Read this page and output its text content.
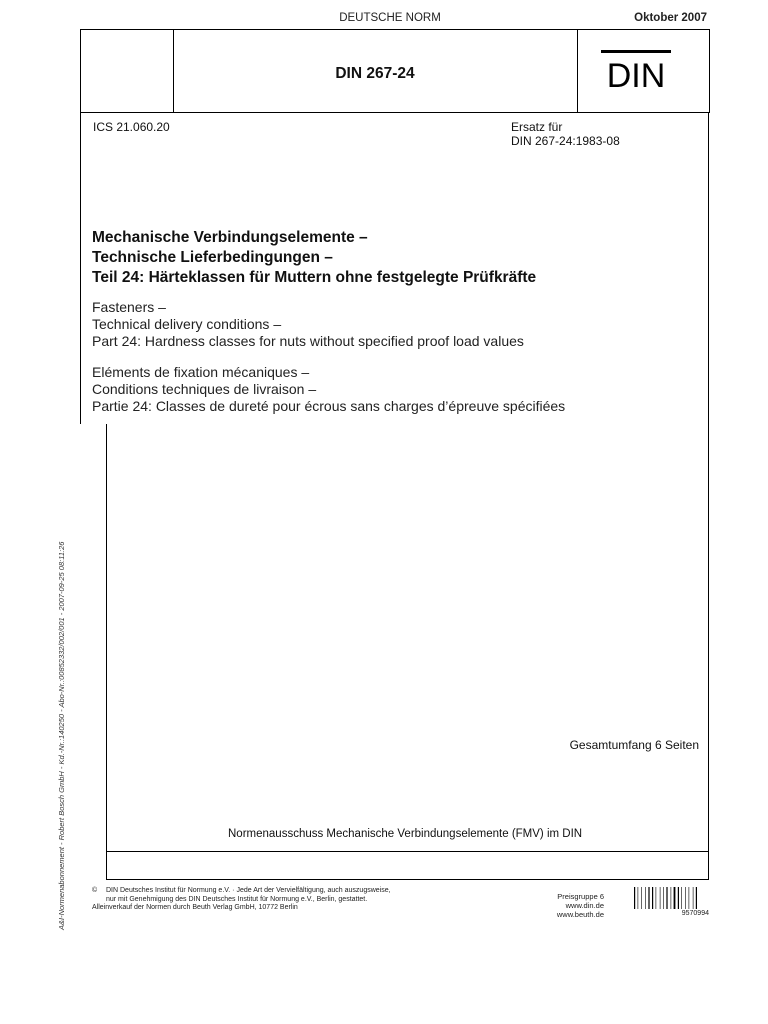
DEUTSCHE NORM	Oktober 2007
DIN 267-24	DIN
ICS 21.060.20	Ersatz für
DIN 267-24:1983-08
Mechanische Verbindungselemente –
Technische Lieferbedingungen –
Teil 24: Härteklassen für Muttern ohne festgelegte Prüfkräfte
Fasteners –
Technical delivery conditions –
Part 24: Hardness classes for nuts without specified proof load values
Eléments de fixation mécaniques –
Conditions techniques de livraison –
Partie 24: Classes de dureté pour écrous sans charges d’épreuve spécifiées
Gesamtumfang 6 Seiten
Normenausschuss Mechanische Verbindungselemente (FMV) im DIN
A&I-Normenabonnement - Robert Bosch GmbH - Kd.-Nr.:140250 - Abo-Nr.:00852332/002/001 - 2007-09-25 08:11:26	© DIN Deutsches Institut für Normung e.V. · Jede Art der Vervielfältigung, auch auszugsweise,
nur mit Genehmigung des DIN Deutsches Institut für Normung e.V., Berlin, gestattet.
Alleinverkauf der Normen durch Beuth Verlag GmbH, 10772 Berlin
Preisgruppe 6
www.din.de
www.beuth.de	9570994
